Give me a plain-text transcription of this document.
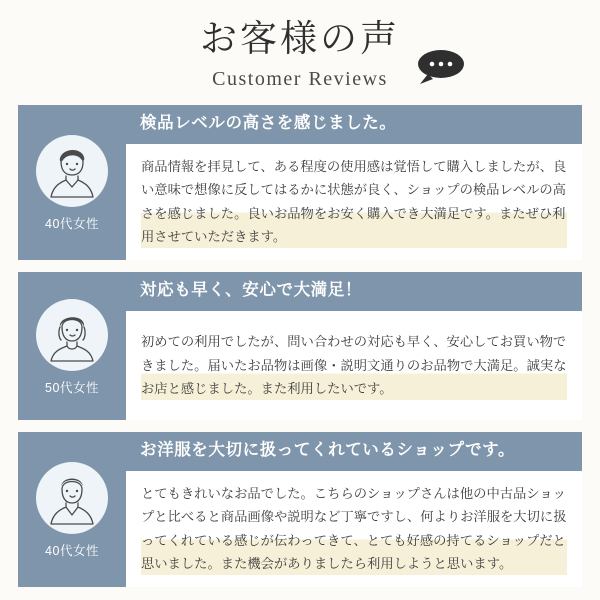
お客様の声
Customer Reviews
40代女性
検品レベルの高さを感じました。
商品情報を拝見して、ある程度の使用感は覚悟して購入しましたが、良い意味で想像に反してはるかに状態が良く、ショップの検品レベルの高さを感じました。良いお品物をお安く購入でき大満足です。またぜひ利用させていただきます。
50代女性
対応も早く、安心で大満足！
初めての利用でしたが、問い合わせの対応も早く、安心してお買い物できました。届いたお品物は画像・説明文通りのお品物で大満足。誠実なお店と感じました。また利用したいです。
40代女性
お洋服を大切に扱ってくれているショップです。
とてもきれいなお品でした。こちらのショップさんは他の中古品ショップと比べると商品画像や説明など丁寧ですし、何よりお洋服を大切に扱ってくれている感じが伝わってきて、とても好感の持てるショップだと思いました。また機会がありましたら利用しようと思います。
